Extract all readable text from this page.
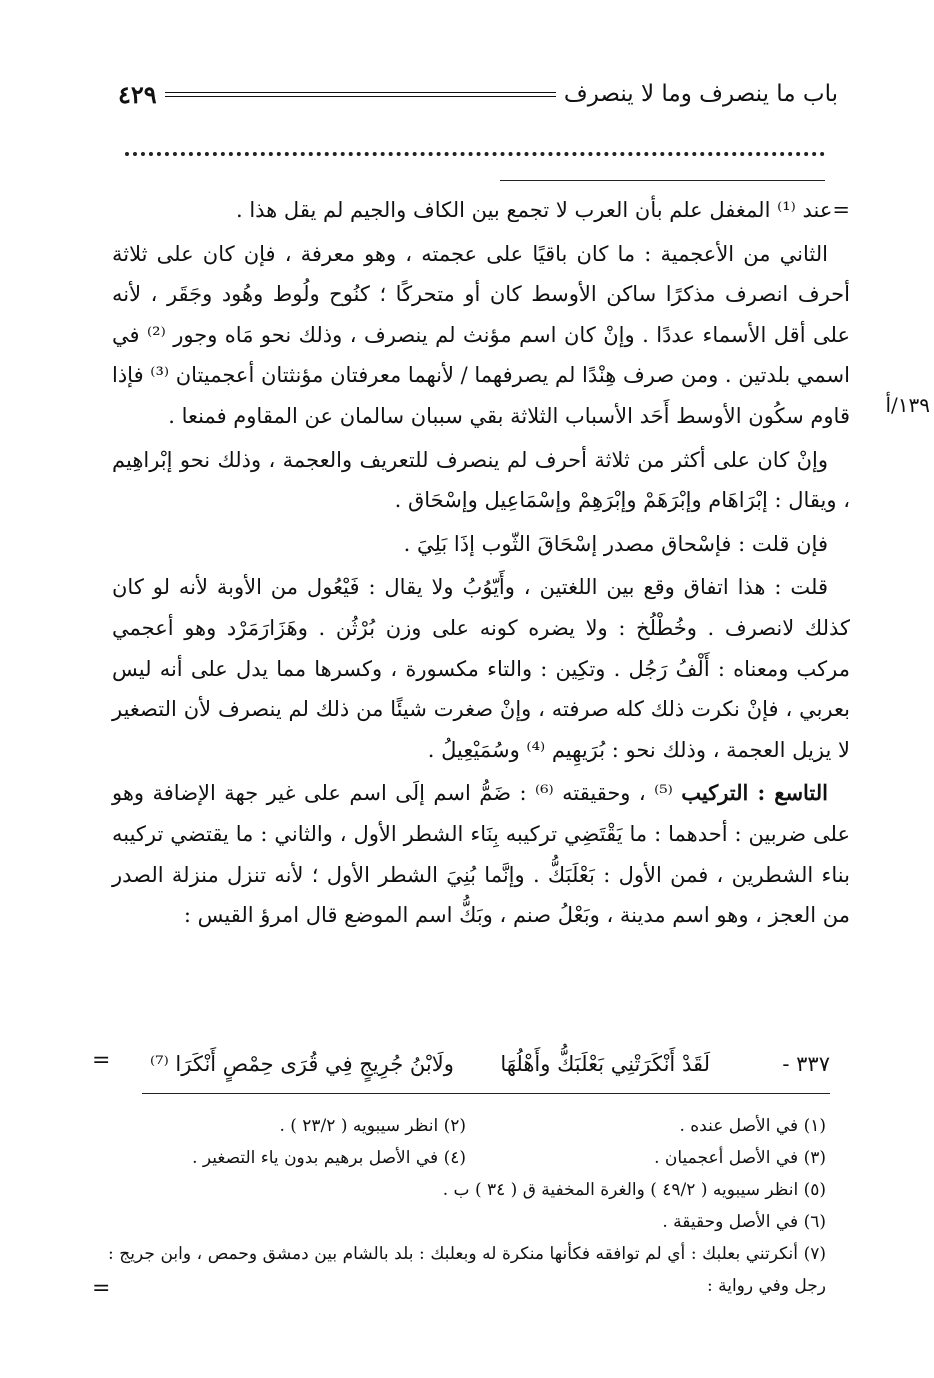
باب ما ينصرف وما لا ينصرف
٤٢٩

=عند ⁽¹⁾ المغفل علم بأن العرب لا تجمع بين الكاف والجيم لم يقل هذا .

الثاني من الأعجمية : ما كان باقيًا على عجمته ، وهو معرفة ، فإن كان على ثلاثة أحرف انصرف مذكرًا ساكن الأوسط كان أو متحركًا ؛ كنُوح ولُوط وهُود وجَقَر ، لأنه على أقل الأسماء عددًا . وإنْ كان اسم مؤنث لم ينصرف ، وذلك نحو مَاه وجور ⁽²⁾ في اسمي بلدتين . ومن صرف هِنْدًا لم يصرفهما / لأنهما معرفتان مؤنثتان أعجميتان ⁽³⁾ فإذا قاوم سكُون الأوسط أَحَد الأسباب الثلاثة بقي سببان سالمان عن المقاوم فمنعا .

وإنْ كان على أكثر من ثلاثة أحرف لم ينصرف للتعريف والعجمة ، وذلك نحو إبْراهِيم ، ويقال : إبْرَاهَام وإبْرَهَمْ وإبْرَهِمْ وإسْمَاعِيل وإسْحَاق .

فإن قلت : فإسْحاق مصدر إسْحَاقَ الثّوب إذَا بَلِيَ .

قلت : هذا اتفاق وقع بين اللغتين ، وأَيّوُبُ ولا يقال : فَيْعُول من الأوبة لأنه لو كان كذلك لانصرف . وخُطْلُخ : ولا يضره كونه على وزن بُرْثُن . وهَزَارَمَرْد وهو أعجمي مركب ومعناه : أَلْفُ رَجُل . وتكِين : والتاء مكسورة ، وكسرها مما يدل على أنه ليس بعربي ، فإنْ نكرت ذلك كله صرفته ، وإنْ صغرت شيئًا من ذلك لم ينصرف لأن التصغير لا يزيل العجمة ، وذلك نحو : بُرَيهِيم ⁽⁴⁾ وسُمَيْعِيلُ .

التاسع : التركيب ⁽⁵⁾ ، وحقيقته ⁽⁶⁾ : ضَمُّ اسم إلَى اسم على غير جهة الإضافة وهو على ضربين : أحدهما : ما يَقْتَضِي تركيبه بِنَاء الشطر الأول ، والثاني : ما يقتضي تركيبه بناء الشطرين ، فمن الأول : بَعْلَبَكُّ . وإنَّما بُنِيَ الشطر الأول ؛ لأنه تنزل منزلة الصدر من العجز ، وهو اسم مدينة ، وبَعْلُ صنم ، وبَكُّ اسم الموضع قال امرؤ القيس :

١٣٩/أ
٣٣٧ -
لَقَدْ أَنْكَرَتْنِي بَعْلَبَكُّ وأَهْلُهَا
ولَابْنُ جُرِيجٍ فِي قُرَى حِمْصٍ أَنْكَرَا ⁽⁷⁾
=
(١) في الأصل عنده .
(٢) انظر سيبويه ( ٢٣/٢ ) .
(٣) في الأصل أعجميان .
(٤) في الأصل برهيم بدون ياء التصغير .
(٥) انظر سيبويه ( ٤٩/٢ ) والغرة المخفية ق ( ٣٤ ) ب .
(٦) في الأصل وحقيقة .
(٧) أنكرتني بعلبك : أي لم توافقه فكأنها منكرة له وبعلبك : بلد بالشام بين دمشق وحمص ، وابن جريج : رجل وفي رواية :
=
